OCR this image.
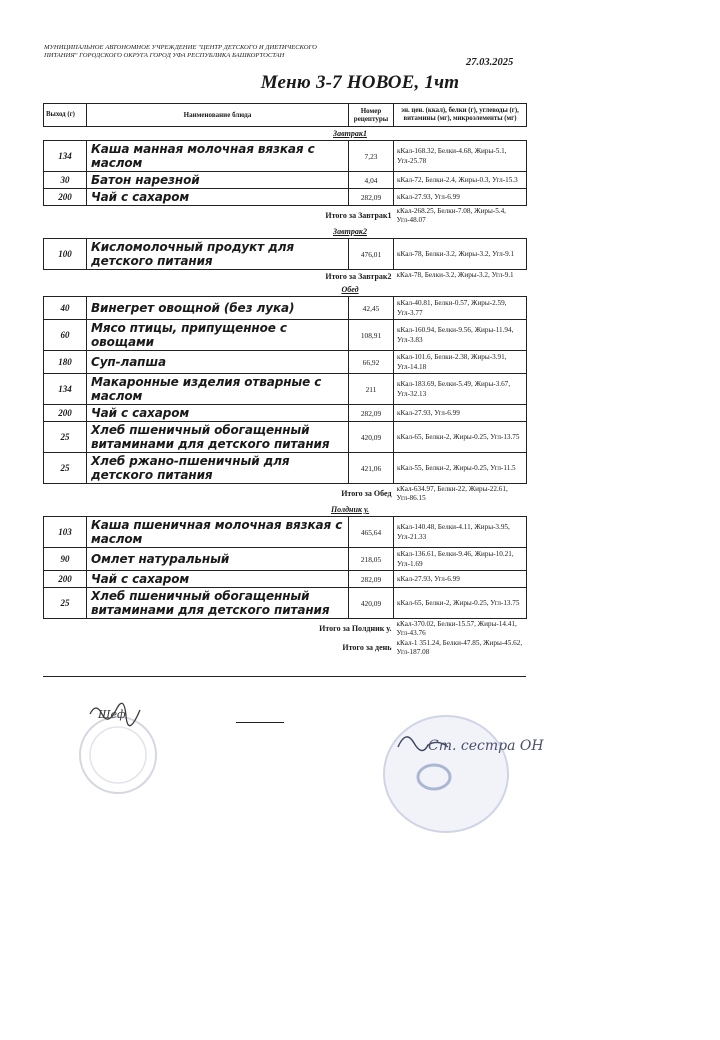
МУНИЦИПАЛЬНОЕ АВТОНОМНОЕ УЧРЕЖДЕНИЕ "ЦЕНТР ДЕТСКОГО И ДИЕТИЧЕСКОГО ПИТАНИЯ" ГОРОДСКОГО ОКРУГА ГОРОД УФА РЕСПУБЛИКА БАШКОРТОСТАН
27.03.2025
Меню 3-7 НОВОЕ, 1чт
Выход (г)	Наименование блюда	Номер рецептуры	эн. цен. (ккал), белки (г), углеводы (г), витамины (мг), микроэлементы (мг)
	Завтрак1		
134	Каша манная молочная вязкая с маслом	7,23	кКал-168.32, Белки-4.68, Жиры-5.1, Угл-25.78
30	Батон нарезной	4,04	кКал-72, Белки-2.4, Жиры-0.3, Угл-15.3
200	Чай с сахаром	282,09	кКал-27.93, Угл-6.99
Итого за Завтрак1			кКал-268.25, Белки-7.08, Жиры-5.4, Угл-48.07
	Завтрак2		
100	Кисломолочный продукт для детского питания	476,01	кКал-78, Белки-3.2, Жиры-3.2, Угл-9.1
Итого за Завтрак2			кКал-78, Белки-3.2, Жиры-3.2, Угл-9.1
	Обед		
40	Винегрет овощной (без лука)	42,45	кКал-40.81, Белки-0.57, Жиры-2.59, Угл-3.77
60	Мясо птицы, припущенное с овощами	108,91	кКал-160.94, Белки-9.56, Жиры-11.94, Угл-3.83
180	Суп-лапша	66,92	кКал-101.6, Белки-2.38, Жиры-3.91, Угл-14.18
134	Макаронные изделия отварные с маслом	211	кКал-183.69, Белки-5.49, Жиры-3.67, Угл-32.13
200	Чай с сахаром	282,09	кКал-27.93, Угл-6.99
25	Хлеб пшеничный обогащенный витаминами для детского питания	420,09	кКал-65, Белки-2, Жиры-0.25, Угл-13.75
25	Хлеб ржано-пшеничный для детского питания	421,06	кКал-55, Белки-2, Жиры-0.25, Угл-11.5
Итого за Обед			кКал-634.97, Белки-22, Жиры-22.61, Угл-86.15
	Полдник у.		
103	Каша пшеничная молочная вязкая с маслом	465,64	кКал-140.48, Белки-4.11, Жиры-3.95, Угл-21.33
90	Омлет натуральный	218,05	кКал-136.61, Белки-9.46, Жиры-10.21, Угл-1.69
200	Чай с сахаром	282,09	кКал-27.93, Угл-6.99
25	Хлеб пшеничный обогащенный витаминами для детского питания	420,09	кКал-65, Белки-2, Жиры-0.25, Угл-13.75
Итого за Полдник у.			кКал-370.02, Белки-15.57, Жиры-14.41, Угл-43.76
Итого за день			кКал-1 351.24, Белки-47.85, Жиры-45.62, Угл-187.08
Шеф
Ст. сестра ОН
